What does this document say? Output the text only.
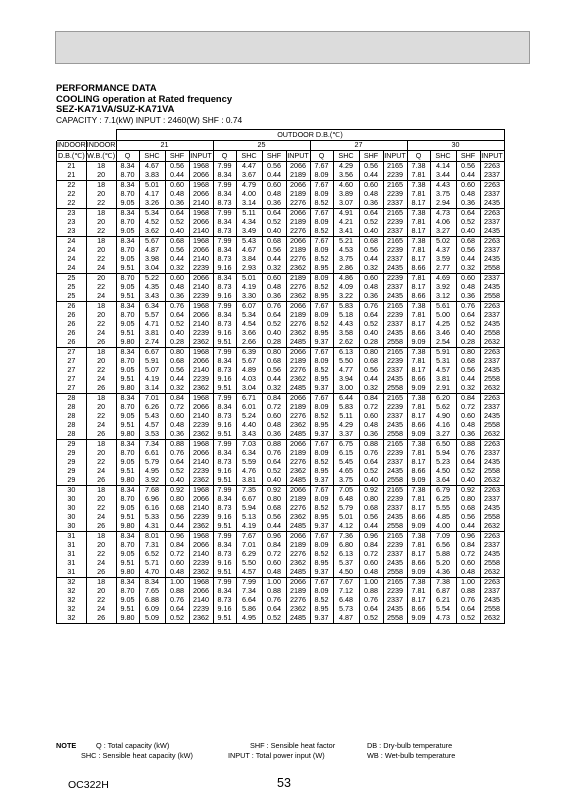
PERFORMANCE DATA
COOLING operation at Rated frequency
SEZ-KA71VA/SUZ-KA71VA
CAPACITY : 7.1(kW) INPUT : 2460(W) SHF : 0.74
		OUTDOOR D.B.(℃)															
INDOOR	INDOOR	21				25				27				30			
D.B.(℃)	W.B.(℃)	Q	SHC	SHF	INPUT	Q	SHC	SHF	INPUT	Q	SHC	SHF	INPUT	Q	SHC	SHF	INPUT
21	18	8.34	4.67	0.56	1968	7.99	4.47	0.56	2066	7.67	4.29	0.56	2165	7.38	4.14	0.56	2263
21	20	8.70	3.83	0.44	2066	8.34	3.67	0.44	2189	8.09	3.56	0.44	2239	7.81	3.44	0.44	2337
22	18	8.34	5.01	0.60	1968	7.99	4.79	0.60	2066	7.67	4.60	0.60	2165	7.38	4.43	0.60	2263
22	20	8.70	4.17	0.48	2066	8.34	4.00	0.48	2189	8.09	3.89	0.48	2239	7.81	3.75	0.48	2337
22	22	9.05	3.26	0.36	2140	8.73	3.14	0.36	2276	8.52	3.07	0.36	2337	8.17	2.94	0.36	2435
23	18	8.34	5.34	0.64	1968	7.99	5.11	0.64	2066	7.67	4.91	0.64	2165	7.38	4.73	0.64	2263
23	20	8.70	4.52	0.52	2066	8.34	4.34	0.52	2189	8.09	4.21	0.52	2239	7.81	4.06	0.52	2337
23	22	9.05	3.62	0.40	2140	8.73	3.49	0.40	2276	8.52	3.41	0.40	2337	8.17	3.27	0.40	2435
24	18	8.34	5.67	0.68	1968	7.99	5.43	0.68	2066	7.67	5.21	0.68	2165	7.38	5.02	0.68	2263
24	20	8.70	4.87	0.56	2066	8.34	4.67	0.56	2189	8.09	4.53	0.56	2239	7.81	4.37	0.56	2337
24	22	9.05	3.98	0.44	2140	8.73	3.84	0.44	2276	8.52	3.75	0.44	2337	8.17	3.59	0.44	2435
24	24	9.51	3.04	0.32	2239	9.16	2.93	0.32	2362	8.95	2.86	0.32	2435	8.66	2.77	0.32	2558
25	20	8.70	5.22	0.60	2066	8.34	5.01	0.60	2189	8.09	4.86	0.60	2239	7.81	4.69	0.60	2337
25	22	9.05	4.35	0.48	2140	8.73	4.19	0.48	2276	8.52	4.09	0.48	2337	8.17	3.92	0.48	2435
25	24	9.51	3.43	0.36	2239	9.16	3.30	0.36	2362	8.95	3.22	0.36	2435	8.66	3.12	0.36	2558
26	18	8.34	6.34	0.76	1968	7.99	6.07	0.76	2066	7.67	5.83	0.76	2165	7.38	5.61	0.76	2263
26	20	8.70	5.57	0.64	2066	8.34	5.34	0.64	2189	8.09	5.18	0.64	2239	7.81	5.00	0.64	2337
26	22	9.05	4.71	0.52	2140	8.73	4.54	0.52	2276	8.52	4.43	0.52	2337	8.17	4.25	0.52	2435
26	24	9.51	3.81	0.40	2239	9.16	3.66	0.40	2362	8.95	3.58	0.40	2435	8.66	3.46	0.40	2558
26	26	9.80	2.74	0.28	2362	9.51	2.66	0.28	2485	9.37	2.62	0.28	2558	9.09	2.54	0.28	2632
27	18	8.34	6.67	0.80	1968	7.99	6.39	0.80	2066	7.67	6.13	0.80	2165	7.38	5.91	0.80	2263
27	20	8.70	5.91	0.68	2066	8.34	5.67	0.68	2189	8.09	5.50	0.68	2239	7.81	5.31	0.68	2337
27	22	9.05	5.07	0.56	2140	8.73	4.89	0.56	2276	8.52	4.77	0.56	2337	8.17	4.57	0.56	2435
27	24	9.51	4.19	0.44	2239	9.16	4.03	0.44	2362	8.95	3.94	0.44	2435	8.66	3.81	0.44	2558
27	26	9.80	3.14	0.32	2362	9.51	3.04	0.32	2485	9.37	3.00	0.32	2558	9.09	2.91	0.32	2632
28	18	8.34	7.01	0.84	1968	7.99	6.71	0.84	2066	7.67	6.44	0.84	2165	7.38	6.20	0.84	2263
28	20	8.70	6.26	0.72	2066	8.34	6.01	0.72	2189	8.09	5.83	0.72	2239	7.81	5.62	0.72	2337
28	22	9.05	5.43	0.60	2140	8.73	5.24	0.60	2276	8.52	5.11	0.60	2337	8.17	4.90	0.60	2435
28	24	9.51	4.57	0.48	2239	9.16	4.40	0.48	2362	8.95	4.29	0.48	2435	8.66	4.16	0.48	2558
28	26	9.80	3.53	0.36	2362	9.51	3.43	0.36	2485	9.37	3.37	0.36	2558	9.09	3.27	0.36	2632
29	18	8.34	7.34	0.88	1968	7.99	7.03	0.88	2066	7.67	6.75	0.88	2165	7.38	6.50	0.88	2263
29	20	8.70	6.61	0.76	2066	8.34	6.34	0.76	2189	8.09	6.15	0.76	2239	7.81	5.94	0.76	2337
29	22	9.05	5.79	0.64	2140	8.73	5.59	0.64	2276	8.52	5.45	0.64	2337	8.17	5.23	0.64	2435
29	24	9.51	4.95	0.52	2239	9.16	4.76	0.52	2362	8.95	4.65	0.52	2435	8.66	4.50	0.52	2558
29	26	9.80	3.92	0.40	2362	9.51	3.81	0.40	2485	9.37	3.75	0.40	2558	9.09	3.64	0.40	2632
30	18	8.34	7.68	0.92	1968	7.99	7.35	0.92	2066	7.67	7.05	0.92	2165	7.38	6.79	0.92	2263
30	20	8.70	6.96	0.80	2066	8.34	6.67	0.80	2189	8.09	6.48	0.80	2239	7.81	6.25	0.80	2337
30	22	9.05	6.16	0.68	2140	8.73	5.94	0.68	2276	8.52	5.79	0.68	2337	8.17	5.55	0.68	2435
30	24	9.51	5.33	0.56	2239	9.16	5.13	0.56	2362	8.95	5.01	0.56	2435	8.66	4.85	0.56	2558
30	26	9.80	4.31	0.44	2362	9.51	4.19	0.44	2485	9.37	4.12	0.44	2558	9.09	4.00	0.44	2632
31	18	8.34	8.01	0.96	1968	7.99	7.67	0.96	2066	7.67	7.36	0.96	2165	7.38	7.09	0.96	2263
31	20	8.70	7.31	0.84	2066	8.34	7.01	0.84	2189	8.09	6.80	0.84	2239	7.81	6.56	0.84	2337
31	22	9.05	6.52	0.72	2140	8.73	6.29	0.72	2276	8.52	6.13	0.72	2337	8.17	5.88	0.72	2435
31	24	9.51	5.71	0.60	2239	9.16	5.50	0.60	2362	8.95	5.37	0.60	2435	8.66	5.20	0.60	2558
31	26	9.80	4.70	0.48	2362	9.51	4.57	0.48	2485	9.37	4.50	0.48	2558	9.09	4.36	0.48	2632
32	18	8.34	8.34	1.00	1968	7.99	7.99	1.00	2066	7.67	7.67	1.00	2165	7.38	7.38	1.00	2263
32	20	8.70	7.65	0.88	2066	8.34	7.34	0.88	2189	8.09	7.12	0.88	2239	7.81	6.87	0.88	2337
32	22	9.05	6.88	0.76	2140	8.73	6.64	0.76	2276	8.52	6.48	0.76	2337	8.17	6.21	0.76	2435
32	24	9.51	6.09	0.64	2239	9.16	5.86	0.64	2362	8.95	5.73	0.64	2435	8.66	5.54	0.64	2558
32	26	9.80	5.09	0.52	2362	9.51	4.95	0.52	2485	9.37	4.87	0.52	2558	9.09	4.73	0.52	2632
NOTE	Q : Total capacity (kW)
SHC : Sensible heat capacity (kW)
SHF : Sensible heat factor
INPUT : Total power input (W)
DB : Dry-bulb temperature
WB : Wet-bulb temperature
OC322H	53
